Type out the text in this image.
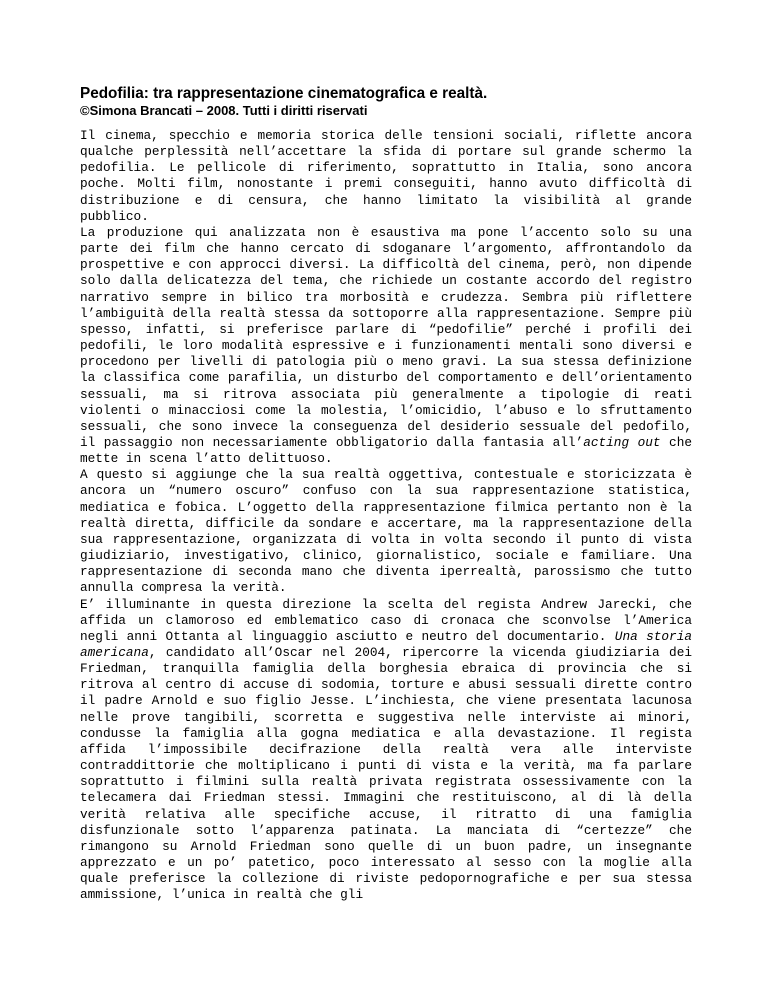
Pedofilia: tra rappresentazione cinematografica e realtà.
©Simona Brancati – 2008. Tutti i diritti riservati

Il cinema, specchio e memoria storica delle tensioni sociali, riflette ancora qualche perplessità nell’accettare la sfida di portare sul grande schermo la pedofilia. Le pellicole di riferimento, soprattutto in Italia, sono ancora poche. Molti film, nonostante i premi conseguiti, hanno avuto difficoltà di distribuzione e di censura, che hanno limitato la visibilità al grande pubblico.

La produzione qui analizzata non è esaustiva ma pone l’accento solo su una parte dei film che hanno cercato di sdoganare l’argomento, affrontandolo da prospettive e con approcci diversi. La difficoltà del cinema, però, non dipende solo dalla delicatezza del tema, che richiede un costante accordo del registro narrativo sempre in bilico tra morbosità e crudezza. Sembra più riflettere l’ambiguità della realtà stessa da sottoporre alla rappresentazione. Sempre più spesso, infatti, si preferisce parlare di “pedofilie” perché i profili dei pedofili, le loro modalità espressive e i funzionamenti mentali sono diversi e procedono per livelli di patologia più o meno gravi. La sua stessa definizione la classifica come parafilia, un disturbo del comportamento e dell’orientamento sessuali, ma si ritrova associata più generalmente a tipologie di reati violenti o minacciosi come la molestia, l’omicidio, l’abuso e lo sfruttamento sessuali, che sono invece la conseguenza del desiderio sessuale del pedofilo, il passaggio non necessariamente obbligatorio dalla fantasia all’acting out che mette in scena l’atto delittuoso.

A questo si aggiunge che la sua realtà oggettiva, contestuale e storicizzata è ancora un “numero oscuro” confuso con la sua rappresentazione statistica, mediatica e fobica. L’oggetto della rappresentazione filmica pertanto non è la realtà diretta, difficile da sondare e accertare, ma la rappresentazione della sua rappresentazione, organizzata di volta in volta secondo il punto di vista giudiziario, investigativo, clinico, giornalistico, sociale e familiare. Una rappresentazione di seconda mano che diventa iperrealtà, parossismo che tutto annulla compresa la verità.

E’ illuminante in questa direzione la scelta del regista Andrew Jarecki, che affida un clamoroso ed emblematico caso di cronaca che sconvolse l’America negli anni Ottanta al linguaggio asciutto e neutro del documentario. Una storia americana, candidato all’Oscar nel 2004, ripercorre la vicenda giudiziaria dei Friedman, tranquilla famiglia della borghesia ebraica di provincia che si ritrova al centro di accuse di sodomia, torture e abusi sessuali dirette contro il padre Arnold e suo figlio Jesse. L’inchiesta, che viene presentata lacunosa nelle prove tangibili, scorretta e suggestiva nelle interviste ai minori, condusse la famiglia alla gogna mediatica e alla devastazione. Il regista affida l’impossibile decifrazione della realtà vera alle interviste contraddittorie che moltiplicano i punti di vista e la verità, ma fa parlare soprattutto i filmini sulla realtà privata registrata ossessivamente con la telecamera dai Friedman stessi. Immagini che restituiscono, al di là della verità relativa alle specifiche accuse, il ritratto di una famiglia disfunzionale sotto l’apparenza patinata. La manciata di “certezze” che rimangono su Arnold Friedman sono quelle di un buon padre, un insegnante apprezzato e un po’ patetico, poco interessato al sesso con la moglie alla quale preferisce la collezione di riviste pedopornografiche e per sua stessa ammissione, l’unica in realtà che gli
